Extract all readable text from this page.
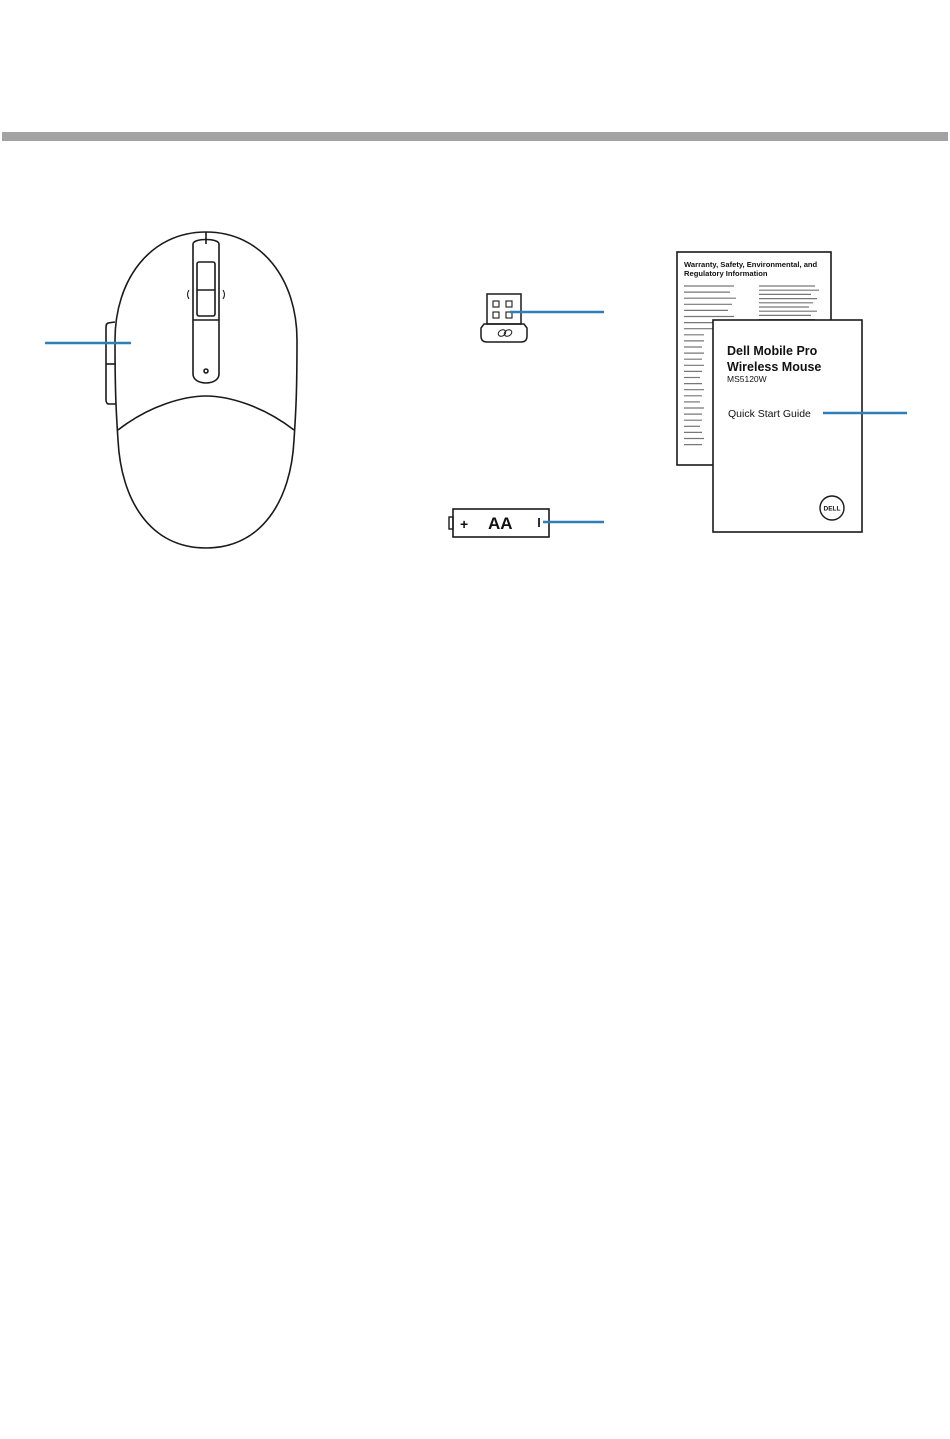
+ AA
Warranty, Safety, Environmental, and
Regulatory Information
Dell Mobile Pro
Wireless Mouse
MS5120W
Quick Start Guide
DELL
